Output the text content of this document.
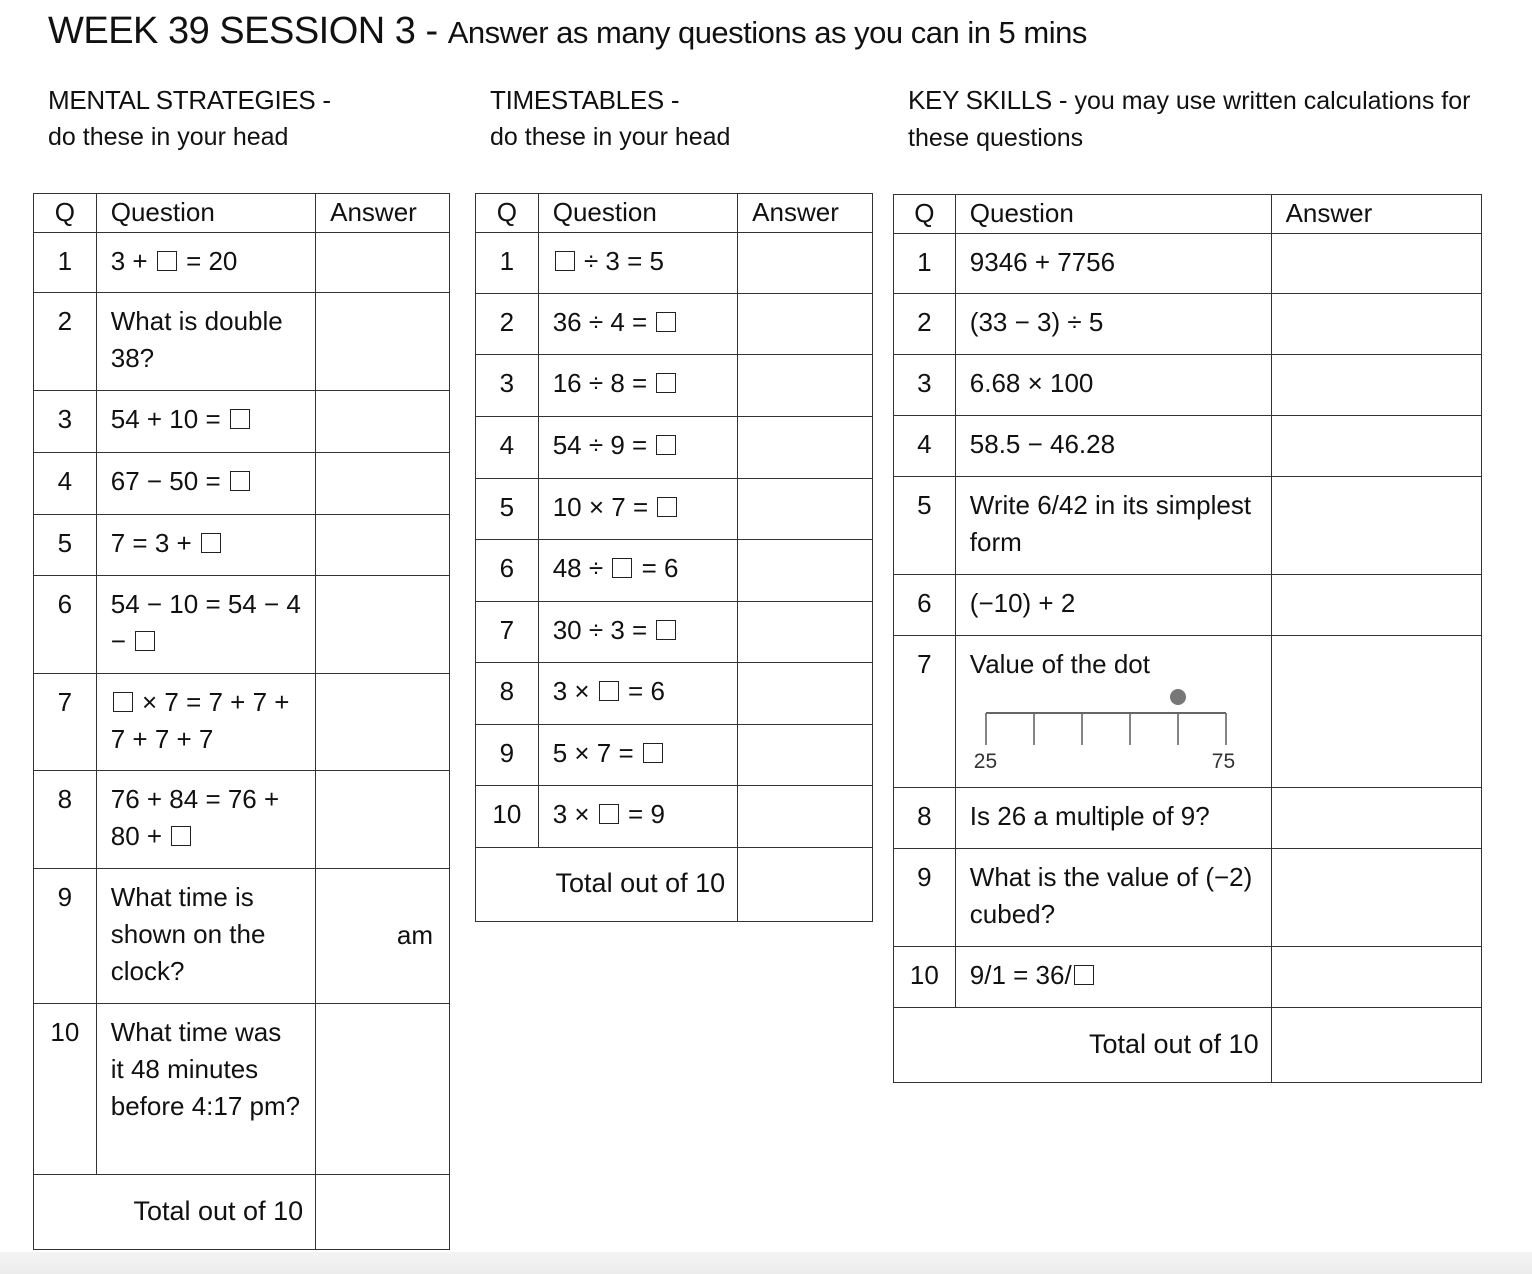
WEEK 39 SESSION 3 - Answer as many questions as you can in 5 mins
MENTAL STRATEGIES -
do these in your head
TIMESTABLES -
do these in your head
KEY SKILLS - you may use written calculations for
these questions
Q	Question	Answer
1	3 +  = 20	
2	What is double 38?	
3	54 + 10 =	
4	67 − 50 =	
5	7 = 3 +	
6	54 − 10 = 54 − 4 −	
7	× 7 = 7 + 7 + 7 + 7 + 7	
8	76 + 84 = 76 + 80 +	
9	What time is shown on the clock?	am
10	What time was it 48 minutes before 4:17 pm?	
Total out of 10		
Q	Question	Answer
1	÷ 3 = 5	
2	36 ÷ 4 =	
3	16 ÷ 8 =	
4	54 ÷ 9 =	
5	10 × 7 =	
6	48 ÷  = 6	
7	30 ÷ 3 =	
8	3 ×  = 6	
9	5 × 7 =	
10	3 ×  = 9	
Total out of 10		
Q	Question	Answer
1	9346 + 7756	
2	(33 − 3) ÷ 5	
3	6.68 × 100	
4	58.5 − 46.28	
5	Write 6/42 in its simplest form	
6	(−10) + 2	
7	Value of the dot
25 75	

8	Is 26 a multiple of 9?	
9	What is the value of (−2) cubed?	
10	9/1 = 36/	
Total out of 10		
